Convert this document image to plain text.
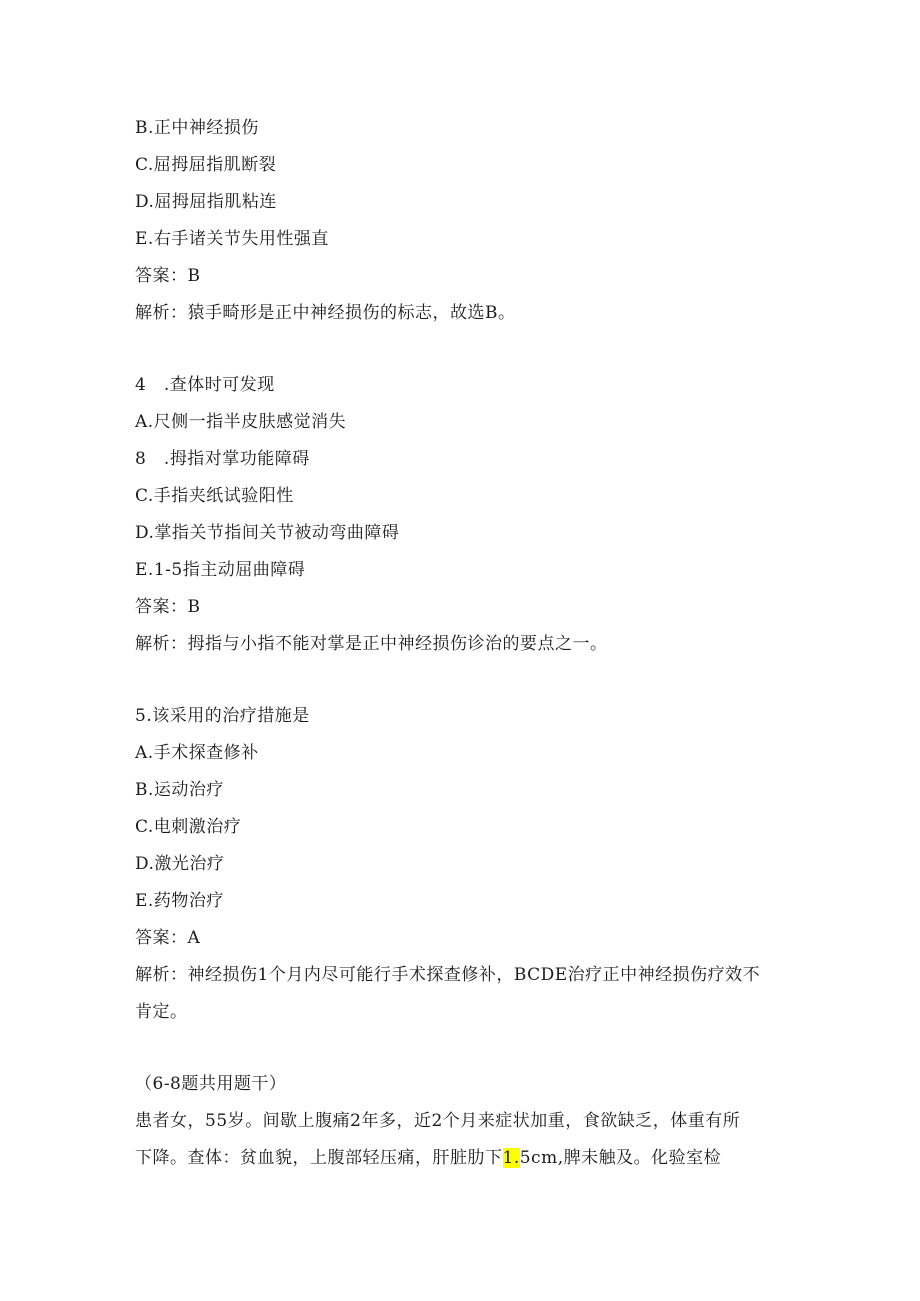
B.正中神经损伤
C.屈拇屈指肌断裂
D.屈拇屈指肌粘连
E.右手诸关节失用性强直
答案：B
解析：猿手畸形是正中神经损伤的标志，故选B。
4　.查体时可发现
A.尺侧一指半皮肤感觉消失
8　.拇指对掌功能障碍
C.手指夹纸试验阳性
D.掌指关节指间关节被动弯曲障碍
E.1-5指主动屈曲障碍
答案：B
解析：拇指与小指不能对掌是正中神经损伤诊治的要点之一。
5.该采用的治疗措施是
A.手术探查修补
B.运动治疗
C.电刺激治疗
D.激光治疗
E.药物治疗
答案：A
解析：神经损伤1个月内尽可能行手术探查修补，BCDE治疗正中神经损伤疗效不
肯定。
（6-8题共用题干）
患者女，55岁。间歇上腹痛2年多，近2个月来症状加重，食欲缺乏，体重有所
下降。查体：贫血貌，上腹部轻压痛，肝脏肋下1.5cm,脾未触及。化验室检
